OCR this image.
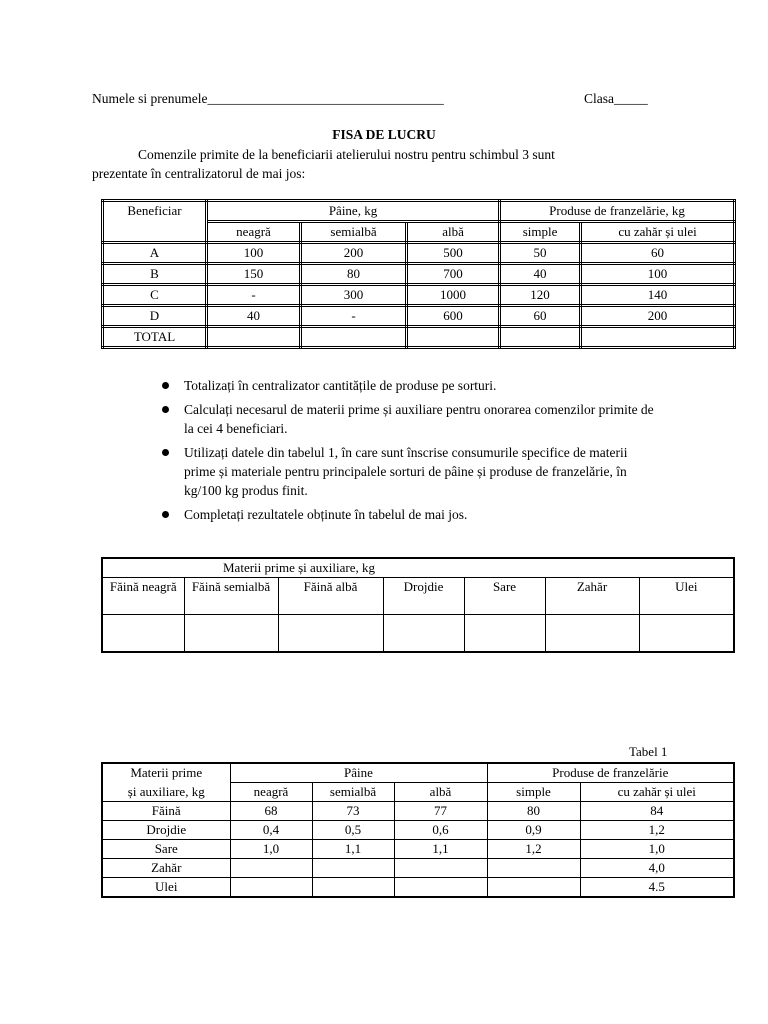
Numele si prenumele___________________________________	Clasa_____
FISA DE LUCRU
Comenzile primite de la beneficiarii atelierului nostru pentru schimbul 3 sunt
prezentate în centralizatorul de mai jos:
Beneficiar	Pâine, kg			Produse de franzelărie, kg	
	neagră	semialbă	albă	simple	cu zahăr și ulei
A	100	200	500	50	60
B	150	80	700	40	100
C	-	300	1000	120	140
D	40	-	600	60	200
TOTAL					
Totalizați în centralizator cantitățile de produse pe sorturi.
Calculați necesarul de materii prime și auxiliare pentru onorarea comenzilor primite de la cei 4 beneficiari.
Utilizați datele din tabelul 1, în care sunt înscrise consumurile specifice de materii prime și materiale pentru principalele sorturi de pâine și produse de franzelărie, în kg/100 kg produs finit.
Completați rezultatele obținute în tabelul de mai jos.
Materii prime și auxiliare, kg						
Făină neagră	Făină semialbă	Făină albă	Drojdie	Sare	Zahăr	Ulei

Tabel 1
Materii prime	Pâine			Produse de franzelărie	
și auxiliare, kg	neagră	semialbă	albă	simple	cu zahăr și ulei
Făină	68	73	77	80	84
Drojdie	0,4	0,5	0,6	0,9	1,2
Sare	1,0	1,1	1,1	1,2	1,0
Zahăr					4,0
Ulei					4.5
